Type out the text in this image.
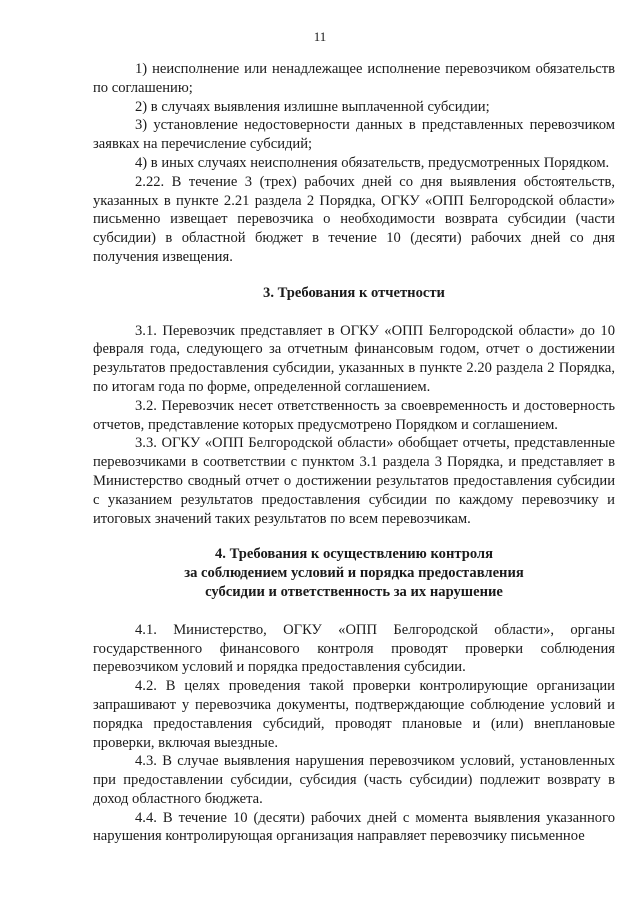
11

1) неисполнение или ненадлежащее исполнение перевозчиком обязательств по соглашению;

2) в случаях выявления излишне выплаченной субсидии;

3) установление недостоверности данных в представленных перевозчиком заявках на перечисление субсидий;

4) в иных случаях неисполнения обязательств, предусмотренных Порядком.

2.22. В течение 3 (трех) рабочих дней со дня выявления обстоятельств, указанных в пункте 2.21 раздела 2 Порядка, ОГКУ «ОПП Белгородской области» письменно извещает перевозчика о необходимости возврата субсидии (части субсидии) в областной бюджет в течение 10 (десяти) рабочих дней со дня получения извещения.

3. Требования к отчетности

3.1. Перевозчик представляет в ОГКУ «ОПП Белгородской области» до 10 февраля года, следующего за отчетным финансовым годом, отчет о достижении результатов предоставления субсидии, указанных в пункте 2.20 раздела 2 Порядка, по итогам года по форме, определенной соглашением.

3.2. Перевозчик несет ответственность за своевременность и достоверность отчетов, представление которых предусмотрено Порядком и соглашением.

3.3. ОГКУ «ОПП Белгородской области» обобщает отчеты, представленные перевозчиками в соответствии с пунктом 3.1 раздела 3 Порядка, и представляет в Министерство сводный отчет о достижении результатов предоставления субсидии с указанием результатов предоставления субсидии по каждому перевозчику и итоговых значений таких результатов по всем перевозчикам.

4. Требования к осуществлению контроля

за соблюдением условий и порядка предоставления

субсидии и ответственность за их нарушение

4.1. Министерство, ОГКУ «ОПП Белгородской области», органы государственного финансового контроля проводят проверки соблюдения перевозчиком условий и порядка предоставления субсидии.

4.2. В целях проведения такой проверки контролирующие организации запрашивают у перевозчика документы, подтверждающие соблюдение условий и порядка предоставления субсидий, проводят плановые и (или) внеплановые проверки, включая выездные.

4.3. В случае выявления нарушения перевозчиком условий, установленных при предоставлении субсидии, субсидия (часть субсидии) подлежит возврату в доход областного бюджета.

4.4. В течение 10 (десяти) рабочих дней с момента выявления указанного нарушения контролирующая организация направляет перевозчику письменное
